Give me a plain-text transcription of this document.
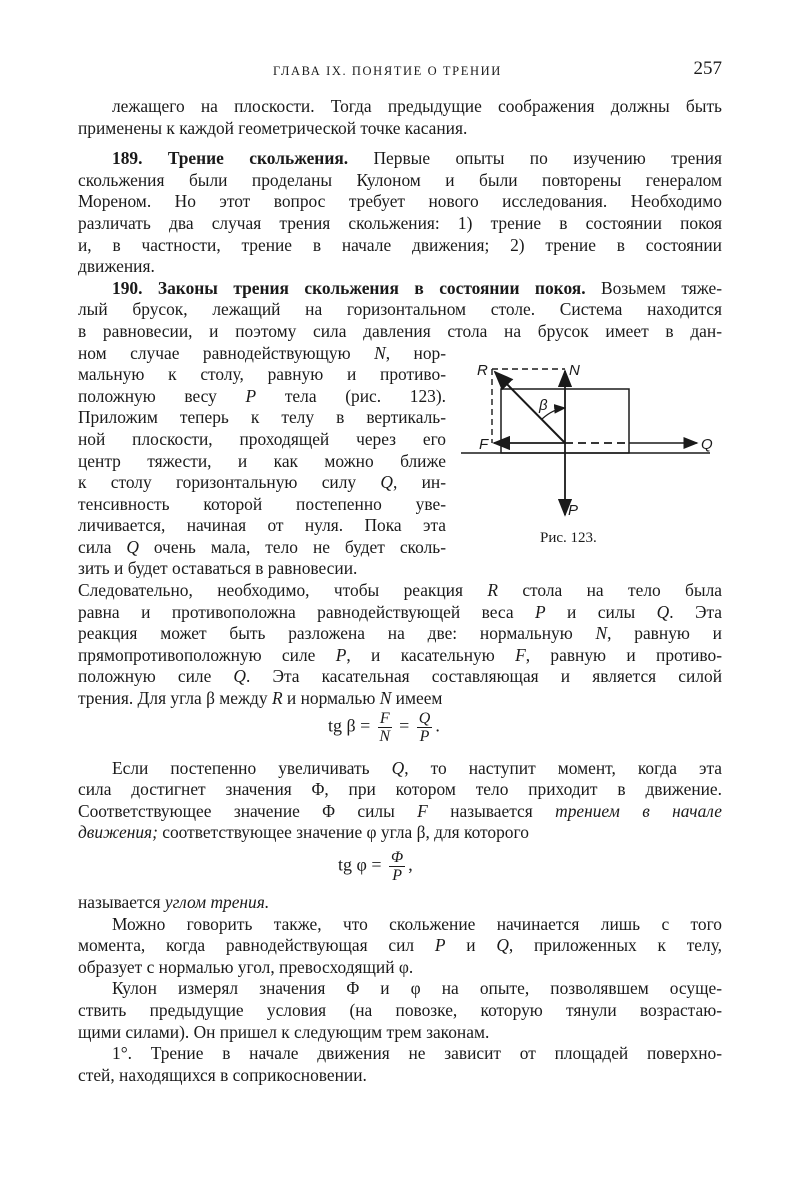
ГЛАВА IX. ПОНЯТИЕ О ТРЕНИИ	257
лежащего на плоскости. Тогда предыдущие соображения должны быть
применены к каждой геометрической точке касания.
189. Трение скольжения. Первые опыты по изучению трения
скольжения были проделаны Кулоном и были повторены генералом
Мореном. Но этот вопрос требует нового исследования. Необходимо
различать два случая трения скольжения: 1) трение в состоянии покоя
и, в частности, трение в начале движения; 2) трение в состоянии
движения.
190. Законы трения скольжения в состоянии покоя. Возьмем тяже-
лый брусок, лежащий на горизонтальном столе. Система находится
в равновесии, и поэтому сила давления стола на брусок имеет в дан-
ном случае равнодействующую N, нор-
мальную к столу, равную и противо-
положную весу P тела (рис. 123).
Приложим теперь к телу в вертикаль-
ной плоскости, проходящей через его
центр тяжести, и как можно ближе
к столу горизонтальную силу Q, ин-
тенсивность которой постепенно уве-
личивается, начиная от нуля. Пока эта
сила Q очень мала, тело не будет сколь-
зить и будет оставаться в равновесии.
Следовательно, необходимо, чтобы реакция R стола на тело была
равна и противоположна равнодействующей веса P и силы Q. Эта
реакция может быть разложена на две: нормальную N, равную и
прямопротивоположную силе P, и касательную F, равную и противо-
положную силе Q. Эта касательная составляющая и является силой
трения. Для угла β между R и нормалью N имеем
tg $\beta = \frac{F}{N} = \frac{Q}{P}$ .
Если постепенно увеличивать Q, то наступит момент, когда эта
сила достигнет значения Φ, при котором тело приходит в движение.
Соответствующее значение Φ силы F называется трением в начале
движения; соответствующее значение φ угла β, для которого
tg $\varphi = \frac{\Phi}{P}$ ,
называется углом трения.
Можно говорить также, что скольжение начинается лишь с того
момента, когда равнодействующая сил P и Q, приложенных к телу,
образует с нормалью угол, превосходящий φ.
Кулон измерял значения Φ и φ на опыте, позволявшем осуще-
ствить предыдущие условия (на повозке, которую тянули возрастаю-
щими силами). Он пришел к следующим трем законам.
1°. Трение в начале движения не зависит от площадей поверхно-
стей, находящихся в соприкосновении.
R	N
β
F	Q
P
Рис. 123.
